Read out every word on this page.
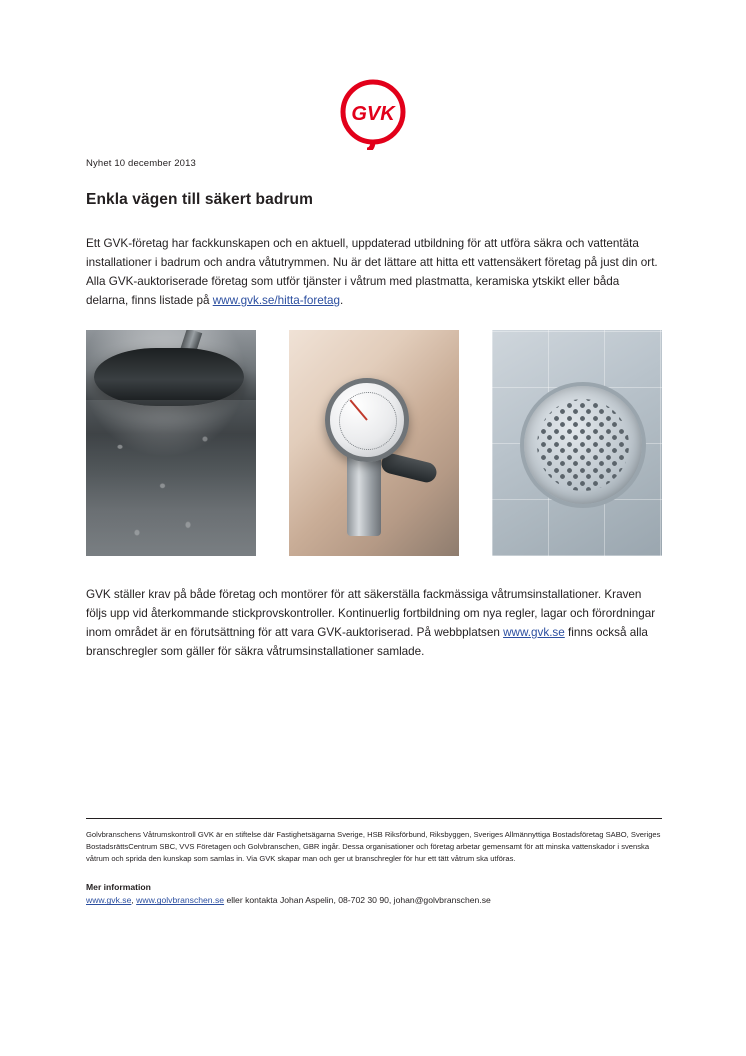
GVK

Nyhet 10 december 2013

Enkla vägen till säkert badrum

Ett GVK-företag har fackkunskapen och en aktuell, uppdaterad utbildning för att utföra säkra och vattentäta installationer i badrum och andra våtutrymmen. Nu är det lättare att hitta ett vattensäkert företag på just din ort. Alla GVK-auktoriserade företag som utför tjänster i våtrum med plastmatta, keramiska ytskikt eller båda delarna, finns listade på www.gvk.se/hitta-foretag.

GVK ställer krav på både företag och montörer för att säkerställa fackmässiga våtrumsinstallationer. Kraven följs upp vid återkommande stickprovskontroller. Kontinuerlig fortbildning om nya regler, lagar och förordningar inom området är en förutsättning för att vara GVK-auktoriserad. På webbplatsen www.gvk.se finns också alla branschregler som gäller för säkra våtrumsinstallationer samlade.

Golvbranschens Våtrumskontroll GVK är en stiftelse där Fastighetsägarna Sverige, HSB Riksförbund, Riksbyggen, Sveriges Allmännyttiga Bostadsföretag SABO, Sveriges BostadsrättsCentrum SBC, VVS Företagen och Golvbranschen, GBR ingår. Dessa organisationer och företag arbetar gemensamt för att minska vattenskador i svenska våtrum och sprida den kunskap som samlas in. Via GVK skapar man och ger ut branschregler för hur ett tätt våtrum ska utföras.

Mer information

www.gvk.se, www.golvbranschen.se eller kontakta Johan Aspelin, 08-702 30 90, johan@golvbranschen.se
